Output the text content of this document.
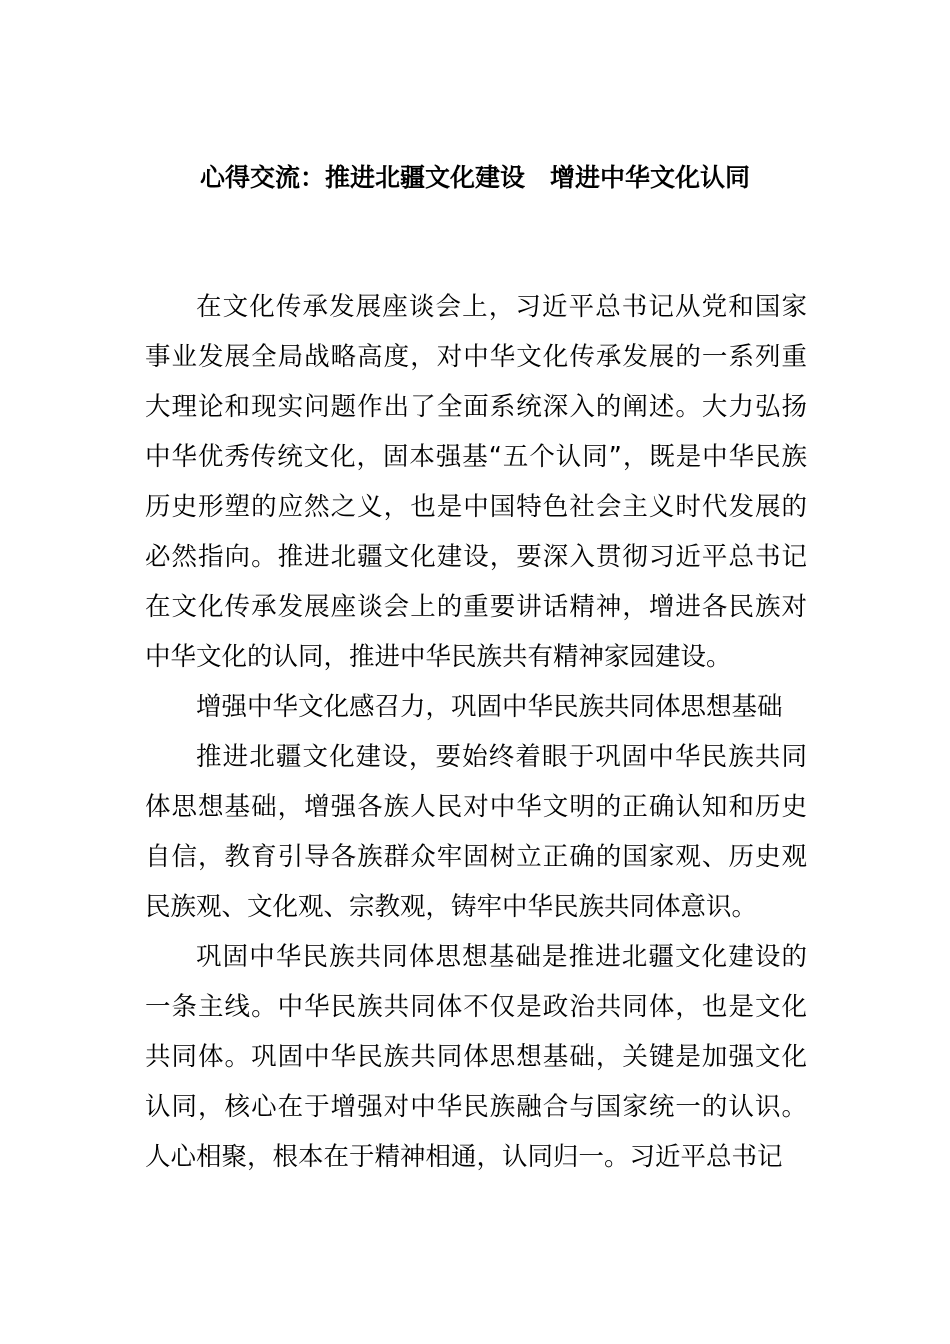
心得交流：推进北疆文化建设　增进中华文化认同

在文化传承发展座谈会上，习近平总书记从党和国家事业发展全局战略高度，对中华文化传承发展的一系列重大理论和现实问题作出了全面系统深入的阐述。大力弘扬中华优秀传统文化，固本强基“五个认同”，既是中华民族历史形塑的应然之义，也是中国特色社会主义时代发展的必然指向。推进北疆文化建设，要深入贯彻习近平总书记在文化传承发展座谈会上的重要讲话精神，增进各民族对中华文化的认同，推进中华民族共有精神家园建设。

增强中华文化感召力，巩固中华民族共同体思想基础

推进北疆文化建设，要始终着眼于巩固中华民族共同体思想基础，增强各族人民对中华文明的正确认知和历史自信，教育引导各族群众牢固树立正确的国家观、历史观民族观、文化观、宗教观，铸牢中华民族共同体意识。

巩固中华民族共同体思想基础是推进北疆文化建设的一条主线。中华民族共同体不仅是政治共同体，也是文化共同体。巩固中华民族共同体思想基础，关键是加强文化认同，核心在于增强对中华民族融合与国家统一的认识。人心相聚，根本在于精神相通，认同归一。习近平总书记
